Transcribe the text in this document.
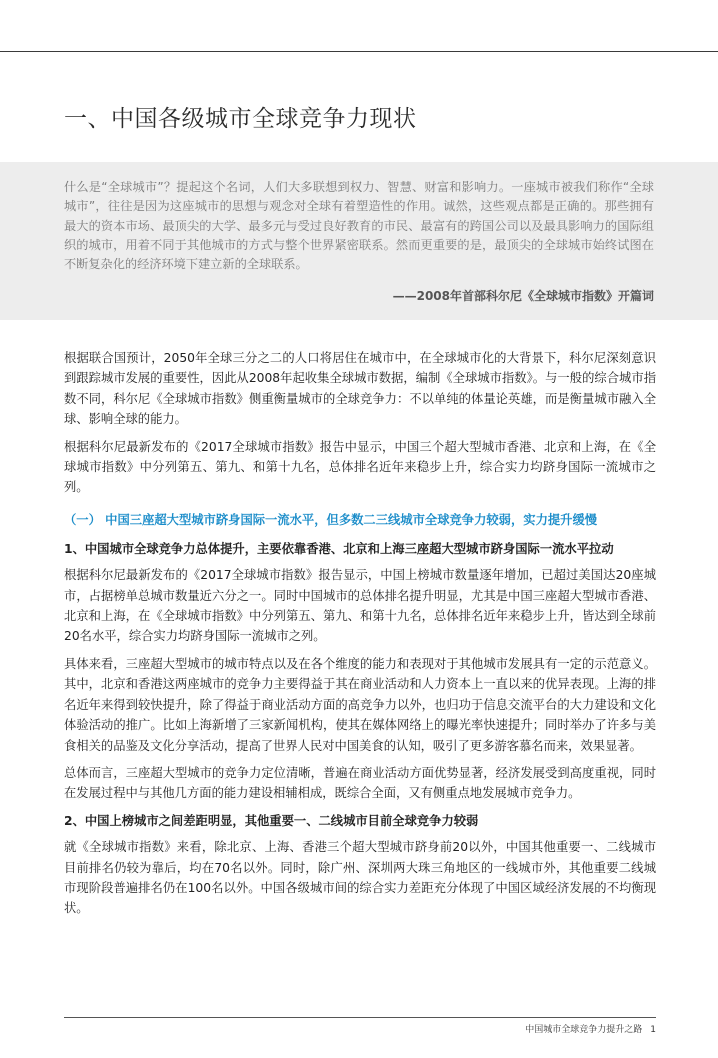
一、中国各级城市全球竞争力现状

什么是“全球城市”？提起这个名词，人们大多联想到权力、智慧、财富和影响力。一座城市被我们称作“全球城市”，往往是因为这座城市的思想与观念对全球有着塑造性的作用。诚然，这些观点都是正确的。那些拥有最大的资本市场、最顶尖的大学、最多元与受过良好教育的市民、最富有的跨国公司以及最具影响力的国际组织的城市，用着不同于其他城市的方式与整个世界紧密联系。然而更重要的是，最顶尖的全球城市始终试图在不断复杂化的经济环境下建立新的全球联系。

——2008年首部科尔尼《全球城市指数》开篇词

根据联合国预计，2050年全球三分之二的人口将居住在城市中，在全球城市化的大背景下，科尔尼深刻意识到跟踪城市发展的重要性，因此从2008年起收集全球城市数据，编制《全球城市指数》。与一般的综合城市指数不同，科尔尼《全球城市指数》侧重衡量城市的全球竞争力：不以单纯的体量论英雄，而是衡量城市融入全球、影响全球的能力。

根据科尔尼最新发布的《2017全球城市指数》报告中显示，中国三个超大型城市香港、北京和上海，在《全球城市指数》中分列第五、第九、和第十九名，总体排名近年来稳步上升，综合实力均跻身国际一流城市之列。

（一） 中国三座超大型城市跻身国际一流水平，但多数二三线城市全球竞争力较弱，实力提升缓慢
1、中国城市全球竞争力总体提升，主要依靠香港、北京和上海三座超大型城市跻身国际一流水平拉动

根据科尔尼最新发布的《2017全球城市指数》报告显示，中国上榜城市数量逐年增加，已超过美国达20座城市，占据榜单总城市数量近六分之一。同时中国城市的总体排名提升明显，尤其是中国三座超大型城市香港、北京和上海，在《全球城市指数》中分列第五、第九、和第十九名，总体排名近年来稳步上升，皆达到全球前20名水平，综合实力均跻身国际一流城市之列。

具体来看，三座超大型城市的城市特点以及在各个维度的能力和表现对于其他城市发展具有一定的示范意义。其中，北京和香港这两座城市的竞争力主要得益于其在商业活动和人力资本上一直以来的优异表现。上海的排名近年来得到较快提升，除了得益于商业活动方面的高竞争力以外，也归功于信息交流平台的大力建设和文化体验活动的推广。比如上海新增了三家新闻机构，使其在媒体网络上的曝光率快速提升；同时举办了许多与美食相关的品鉴及文化分享活动，提高了世界人民对中国美食的认知，吸引了更多游客慕名而来，效果显著。

总体而言，三座超大型城市的竞争力定位清晰，普遍在商业活动方面优势显著，经济发展受到高度重视，同时在发展过程中与其他几方面的能力建设相辅相成，既综合全面，又有侧重点地发展城市竞争力。

2、中国上榜城市之间差距明显，其他重要一、二线城市目前全球竞争力较弱

就《全球城市指数》来看，除北京、上海、香港三个超大型城市跻身前20以外，中国其他重要一、二线城市目前排名仍较为靠后，均在70名以外。同时，除广州、深圳两大珠三角地区的一线城市外，其他重要二线城市现阶段普遍排名仍在100名以外。中国各级城市间的综合实力差距充分体现了中国区域经济发展的不均衡现状。

中国城市全球竞争力提升之路 1
